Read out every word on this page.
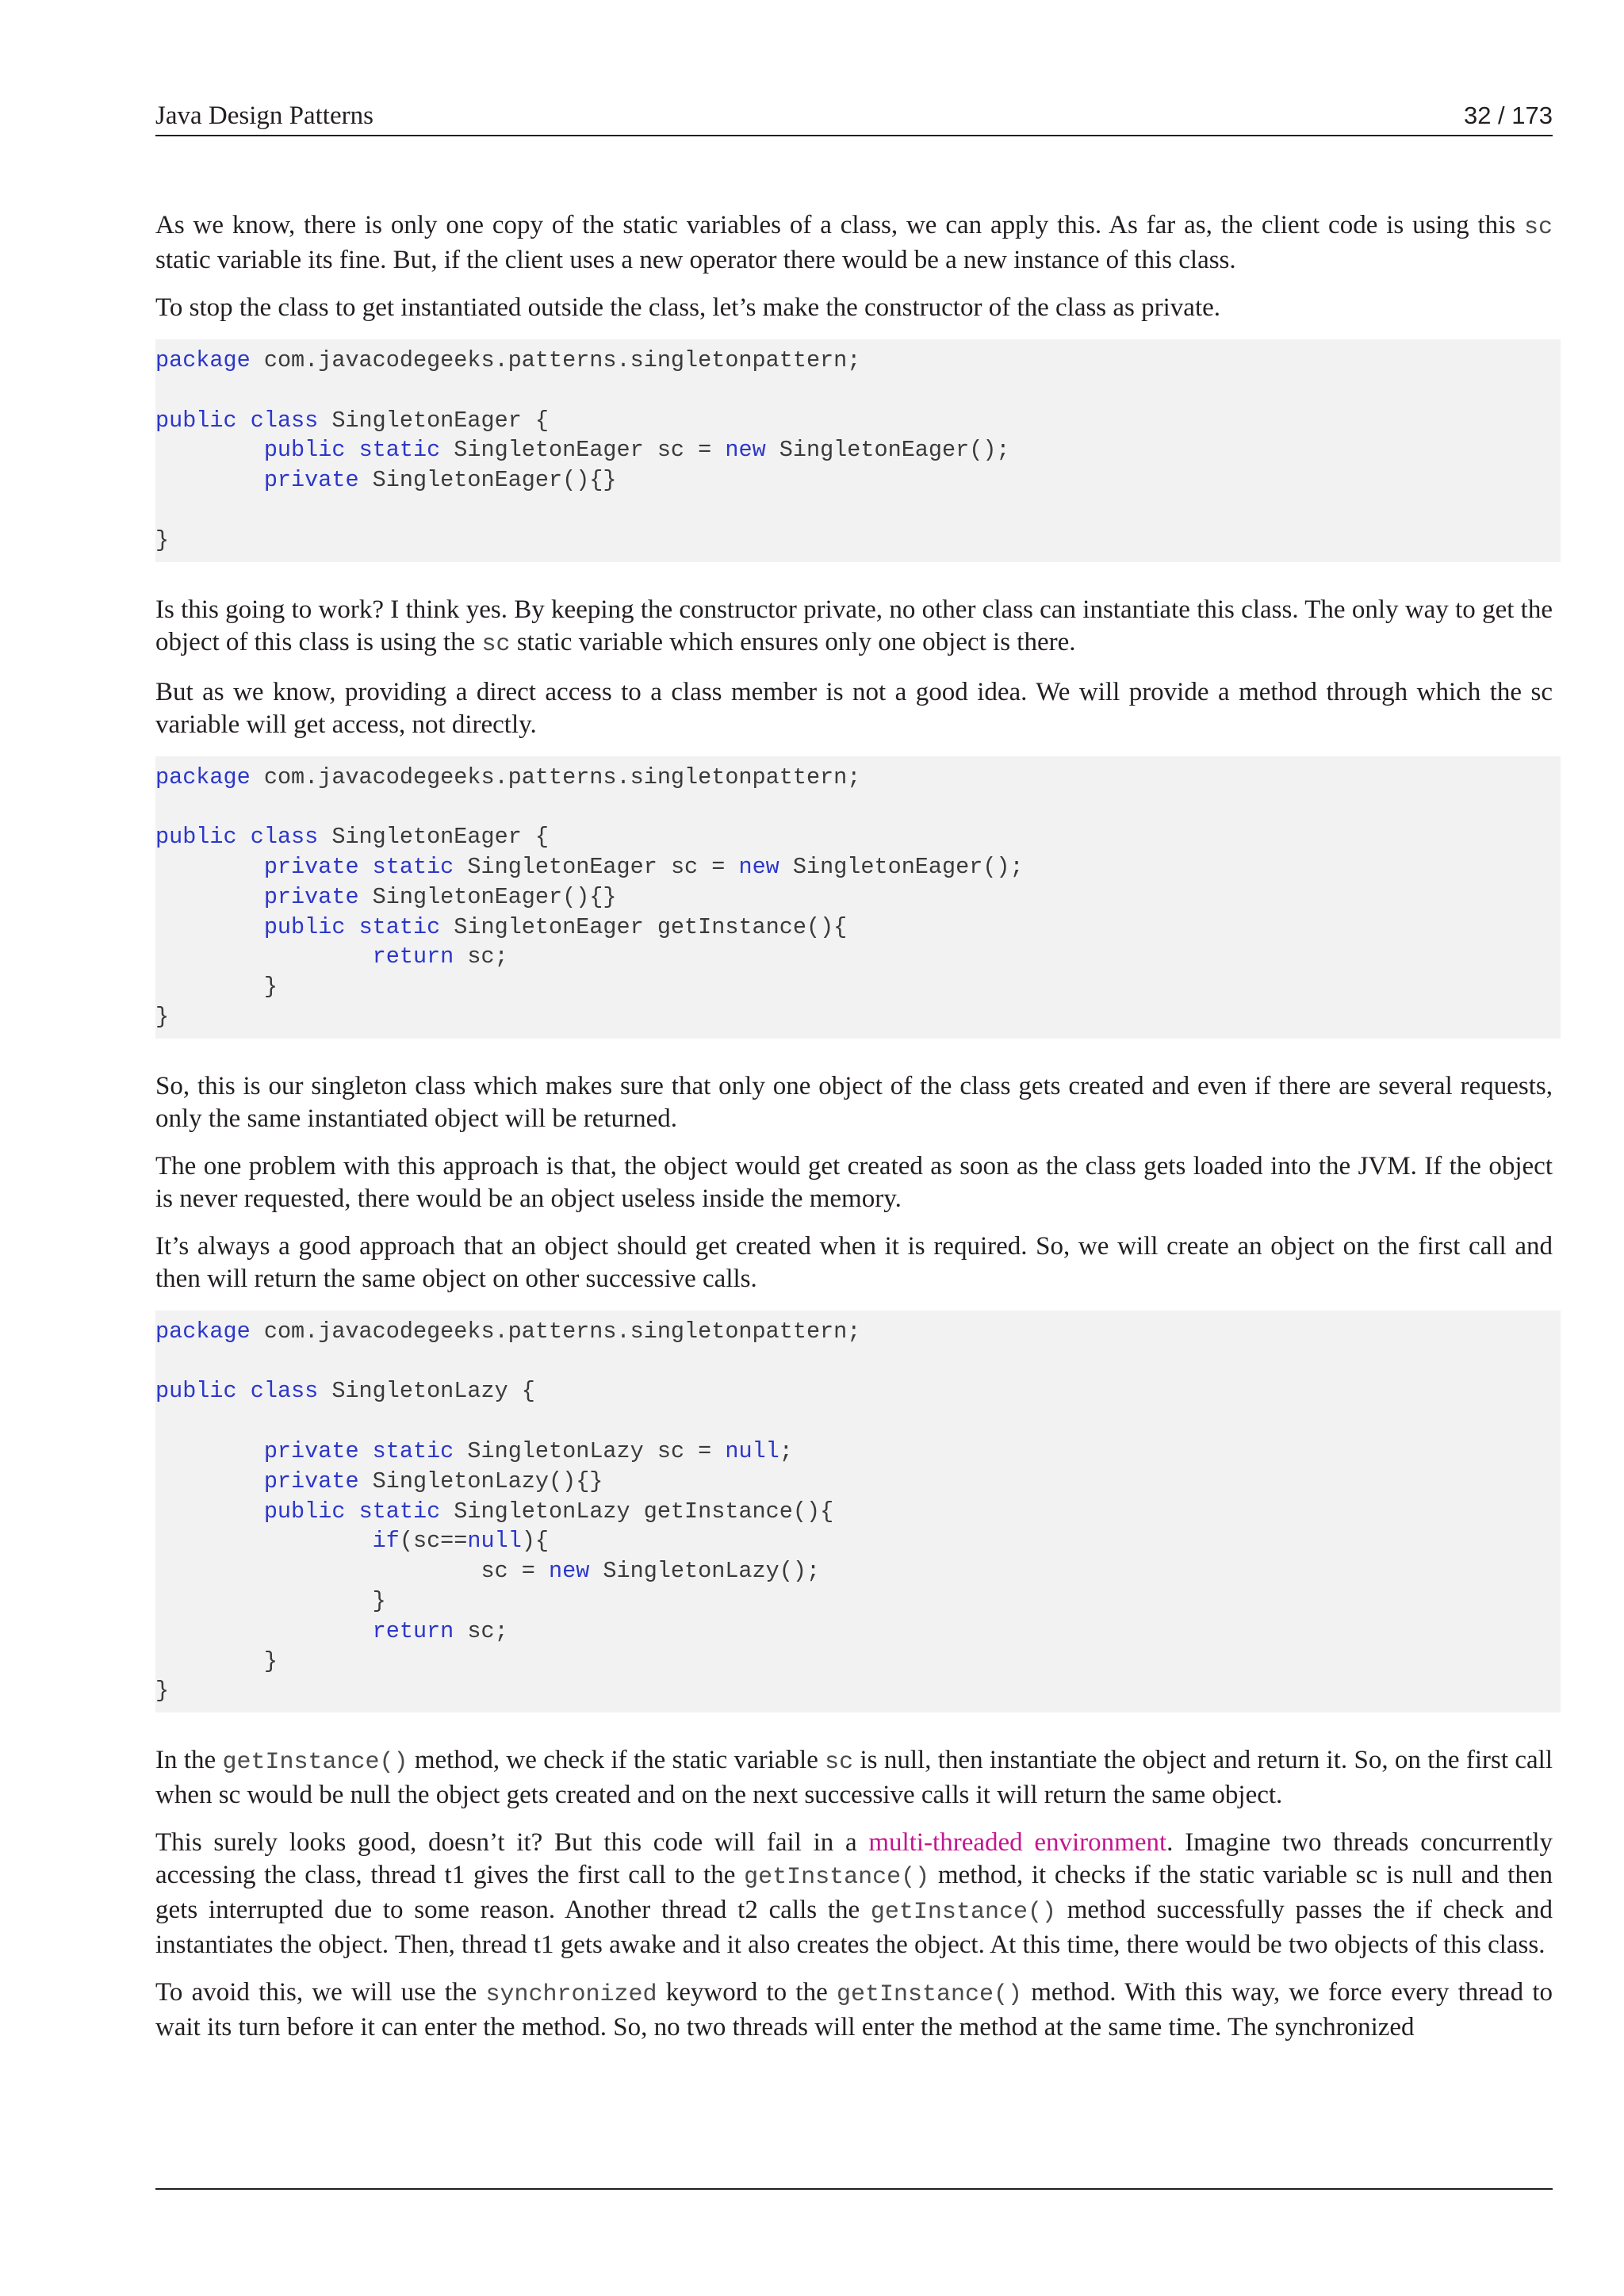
Java Design Patterns	32 / 173

As we know, there is only one copy of the static variables of a class, we can apply this. As far as, the client code is using this sc static variable its fine. But, if the client uses a new operator there would be a new instance of this class.

To stop the class to get instantiated outside the class, let’s make the constructor of the class as private.

package com.javacodegeeks.patterns.singletonpattern;

public class SingletonEager {
public static SingletonEager sc = new SingletonEager();
private SingletonEager(){}

}

Is this going to work? I think yes. By keeping the constructor private, no other class can instantiate this class. The only way to get the object of this class is using the sc static variable which ensures only one object is there.

But as we know, providing a direct access to a class member is not a good idea. We will provide a method through which the sc variable will get access, not directly.

package com.javacodegeeks.patterns.singletonpattern;

public class SingletonEager {
private static SingletonEager sc = new SingletonEager();
private SingletonEager(){}
public static SingletonEager getInstance(){
return sc;
}
}

So, this is our singleton class which makes sure that only one object of the class gets created and even if there are several requests, only the same instantiated object will be returned.

The one problem with this approach is that, the object would get created as soon as the class gets loaded into the JVM. If the object is never requested, there would be an object useless inside the memory.

It’s always a good approach that an object should get created when it is required. So, we will create an object on the first call and then will return the same object on other successive calls.

package com.javacodegeeks.patterns.singletonpattern;

public class SingletonLazy {

private static SingletonLazy sc = null;
private SingletonLazy(){}
public static SingletonLazy getInstance(){
if(sc==null){
sc = new SingletonLazy();
}
return sc;
}
}

In the getInstance() method, we check if the static variable sc is null, then instantiate the object and return it. So, on the first call when sc would be null the object gets created and on the next successive calls it will return the same object.

This surely looks good, doesn’t it? But this code will fail in a multi-threaded environment. Imagine two threads concurrently accessing the class, thread t1 gives the first call to the getInstance() method, it checks if the static variable sc is null and then gets interrupted due to some reason. Another thread t2 calls the getInstance() method successfully passes the if check and instantiates the object. Then, thread t1 gets awake and it also creates the object. At this time, there would be two objects of this class.

To avoid this, we will use the synchronized keyword to the getInstance() method. With this way, we force every thread to wait its turn before it can enter the method. So, no two threads will enter the method at the same time. The synchronized
